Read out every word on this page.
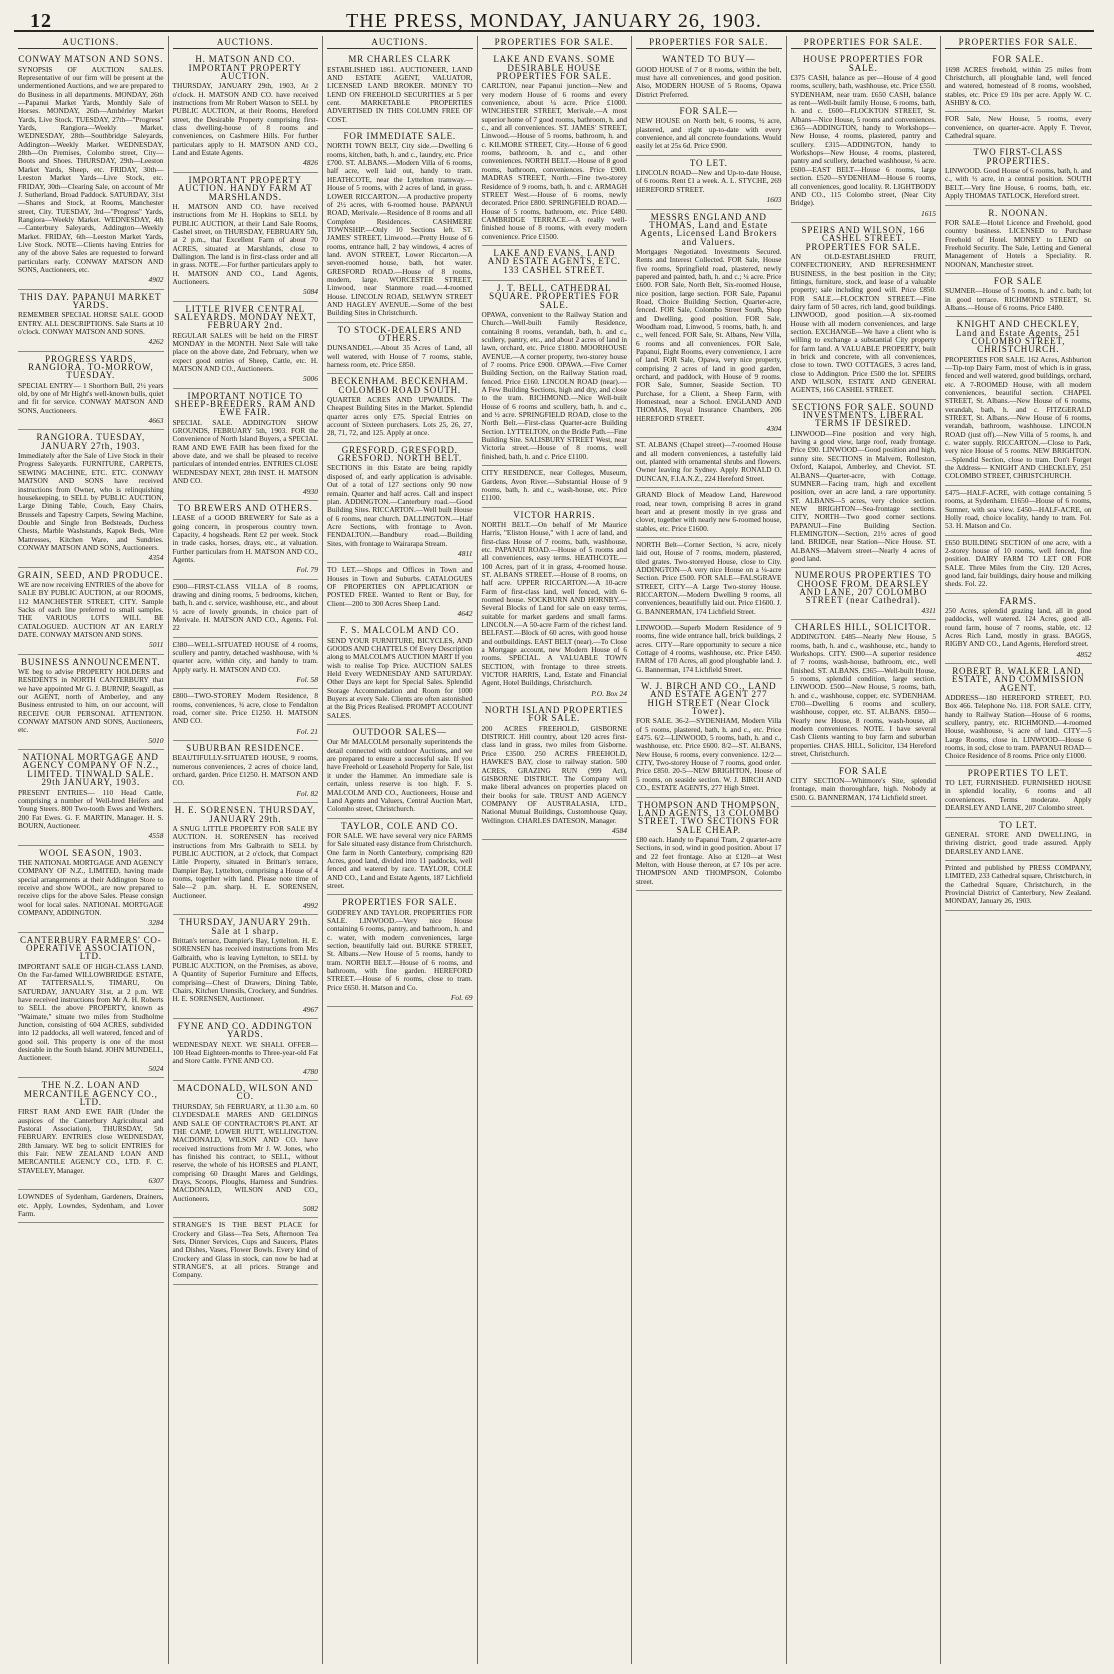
12	THE PRESS, MONDAY, JANUARY 26, 1903.
AUCTIONS.
CONWAY MATSON AND SONS.
SYNOPSIS OF AUCTION SALES. Representative of our firm will be present at the undermentioned Auctions, and we are prepared to do Business in all departments. MONDAY, 26th—Papanui Market Yards, Monthly Sale of Horses. MONDAY, 26th—Ambérley Market Yards, Live Stock. TUESDAY, 27th—"Progress" Yards, Rangiora—Weekly Market. WEDNESDAY, 28th—Southbridge Saleyards, Addington—Weekly Market. WEDNESDAY, 28th—On Premises, Colombo street, City—Boots and Shoes. THURSDAY, 29th—Leeston Market Yards, Sheep, etc. FRIDAY, 30th—Leeston Market Yards—Live Stock, etc. FRIDAY, 30th—Clearing Sale, on account of Mr J. Sutherland, Broad Paddock. SATURDAY, 31st—Shares and Stock, at Rooms, Manchester street, City. TUESDAY, 3rd—"Progress" Yards, Rangiora—Weekly Market. WEDNESDAY, 4th—Canterbury Saleyards, Addington—Weekly Market. FRIDAY, 6th—Leeston Market Yards, Live Stock. NOTE—Clients having Entries for any of the above Sales are requested to forward particulars early. CONWAY MATSON AND SONS, Auctioneers, etc.
4902
THIS DAY. PAPANUI MARKET YARDS.
REMEMBER SPECIAL HORSE SALE. GOOD ENTRY. ALL DESCRIPTIONS. Sale Starts at 10 o'clock. CONWAY MATSON AND SONS.
4262
PROGRESS YARDS, RANGIORA. TO-MORROW, TUESDAY.
SPECIAL ENTRY— 1 Shorthorn Bull, 2½ years old, by one of Mr Hight's well-known bulls, quiet and fit for service. CONWAY MATSON AND SONS, Auctioneers.
4663
RANGIORA. TUESDAY, JANUARY 27th, 1903.
Immediately after the Sale of Live Stock in their Progress Saleyards. FURNITURE, CARPETS, SEWING MACHINE, ETC. ETC. CONWAY MATSON AND SONS have received instructions from Owner, who is relinquishing housekeeping, to SELL by PUBLIC AUCTION, Large Dining Table, Couch, Easy Chairs, Brussels and Tapestry Carpets, Sewing Machine, Double and Single Iron Bedsteads, Duchess Chests, Marble Washstands, Kapok Beds, Wire Mattresses, Kitchen Ware, and Sundries. CONWAY MATSON AND SONS, Auctioneers.
4354
GRAIN, SEED, AND PRODUCE.
WE are now receiving ENTRIES of the above for SALE BY PUBLIC AUCTION, at our ROOMS, 112 MANCHESTER STREET, CITY. Sample Sacks of each line preferred to small samples. THE VARIOUS LOTS WILL BE CATALOGUED. AUCTION AT AN EARLY DATE. CONWAY MATSON AND SONS.
5011
BUSINESS ANNOUNCEMENT.
WE beg to advise PROPERTY HOLDERS and RESIDENTS in NORTH CANTERBURY that we have appointed Mr G. J. BURNIP, Seagull, as our AGENT, north of Amberley, and any Business entrusted to him, on our account, will RECEIVE OUR PERSONAL ATTENTION. CONWAY MATSON AND SONS, Auctioneers, etc.
5010
NATIONAL MORTGAGE AND AGENCY COMPANY OF N.Z., LIMITED. TINWALD SALE. 29th JANUARY, 1903.
PRESENT ENTRIES— 110 Head Cattle, comprising a number of Well-bred Heifers and Young Steers. 800 Two-tooth Ewes and Wethers. 200 Fat Ewes. G. F. MARTIN, Manager. H. S. BOURN, Auctioneer.
4558
WOOL SEASON, 1903.
THE NATIONAL MORTGAGE AND AGENCY COMPANY OF N.Z., LIMITED, having made special arrangements at their Addington Store to receive and show WOOL, are now prepared to receive clips for the above Sales. Please consign wool for local sales. NATIONAL MORTGAGE COMPANY, ADDINGTON.
3284
CANTERBURY FARMERS' CO-OPERATIVE ASSOCIATION, LTD.
IMPORTANT SALE OF HIGH-CLASS LAND. On the Far-famed WILLOWBRIDGE ESTATE, AT TATTERSALL'S, TIMARU, On SATURDAY, JANUARY 31st, at 2 p.m. WE have received instructions from Mr A. H. Roberts to SELL the above PROPERTY, known as "Waimate," situate two miles from Studholme Junction, consisting of 604 ACRES, subdivided into 12 paddocks, all well watered, fenced and of good soil. This property is one of the most desirable in the South Island. JOHN MUNDELL, Auctioneer.
5024
THE N.Z. LOAN AND MERCANTILE AGENCY CO., LTD.
FIRST RAM AND EWE FAIR (Under the auspices of the Canterbury Agricultural and Pastoral Association), THURSDAY, 5th FEBRUARY. ENTRIES close WEDNESDAY, 28th January. WE beg to solicit ENTRIES for this Fair. NEW ZEALAND LOAN AND MERCANTILE AGENCY CO., LTD. F. C. STAVELEY, Manager.
6307
LOWNDES of Sydenham, Gardeners, Drainers, etc. Apply, Lowndes, Sydenham, and Lover Farm.
AUCTIONS.
H. MATSON AND CO. IMPORTANT PROPERTY AUCTION.
THURSDAY, JANUARY 29th, 1903, At 2 o'clock. H. MATSON AND CO. have received instructions from Mr Robert Watson to SELL by PUBLIC AUCTION, at their Rooms, Hereford street, the Desirable Property comprising first-class dwelling-house of 8 rooms and conveniences, on Cashmere Hills. For further particulars apply to H. MATSON AND CO., Land and Estate Agents.
4826
IMPORTANT PROPERTY AUCTION. HANDY FARM AT MARSHLANDS.
H. MATSON AND CO. have received instructions from Mr H. Hopkins to SELL by PUBLIC AUCTION, at their Land Sale Rooms, Cashel street, on THURSDAY, FEBRUARY 5th, at 2 p.m., that Excellent Farm of about 70 ACRES, situated at Marshlands, close to Dallington. The land is in first-class order and all in grass. NOTE.—For further particulars apply to H. MATSON AND CO., Land Agents, Auctioneers.
5084
LITTLE RIVER CENTRAL SALEYARDS. MONDAY NEXT, FEBRUARY 2nd.
REGULAR SALES will be held on the FIRST MONDAY in the MONTH. Next Sale will take place on the above date, 2nd February, when we expect good entries of Sheep, Cattle, etc. H. MATSON AND CO., Auctioneers.
5006
IMPORTANT NOTICE TO SHEEP-BREEDERS. RAM AND EWE FAIR.
SPECIAL SALE. ADDINGTON SHOW GROUNDS, FEBRUARY 5th, 1903. FOR the Convenience of North Island Buyers, a SPECIAL RAM AND EWE FAIR has been fixed for the above date, and we shall be pleased to receive particulars of intended entries. ENTRIES CLOSE WEDNESDAY NEXT, 28th INST. H. MATSON AND CO.
4930
TO BREWERS AND OTHERS.
LEASE of a GOOD BREWERY for Sale as a going concern, in prosperous country town. Capacity, 4 hogsheads. Rent £2 per week. Stock in trade casks, horses, drays, etc., at valuation. Further particulars from H. MATSON AND CO., Agents.
Fol. 79
£900—FIRST-CLASS VILLA of 8 rooms, drawing and dining rooms, 5 bedrooms, kitchen, bath, h. and c. service, washhouse, etc., and about ½ acre of lovely grounds, in choice part of Merivale. H. MATSON AND CO., Agents. Fol. 22
£380—WELL-SITUATED HOUSE of 4 rooms, scullery and pantry, detached washhouse, with ¼ quarter acre, within city, and handy to tram. Apply early. H. MATSON AND CO.
Fol. 58
£800—TWO-STOREY Modern Residence, 8 rooms, conveniences, ¾ acre, close to Fendalton road, corner site. Price £1250. H. MATSON AND CO.
Fol. 21
SUBURBAN RESIDENCE.
BEAUTIFULLY-SITUATED HOUSE, 9 rooms, numerous conveniences, 2 acres of choice land, orchard, garden. Price £1250. H. MATSON AND CO.
Fol. 82
H. E. SORENSEN. THURSDAY, JANUARY 29th.
A SNUG LITTLE PROPERTY FOR SALE BY AUCTION. H. SORENSEN has received instructions from Mrs Galbraith to SELL by PUBLIC AUCTION, at 2 o'clock, that Compact Little Property, situated in Brittan's terrace, Dampier Bay, Lyttelton, comprising a House of 4 rooms, together with land. Please note time of Sale—2 p.m. sharp. H. E. SORENSEN, Auctioneer.
4992
THURSDAY, JANUARY 29th. Sale at 1 sharp.
Brittan's terrace, Dampier's Bay, Lyttelton. H. E. SORENSEN has received instructions from Mrs Galbraith, who is leaving Lyttelton, to SELL by PUBLIC AUCTION, on the Premises, as above, A Quantity of Superior Furniture and Effects, comprising—Chest of Drawers, Dining Table, Chairs, Kitchen Utensils, Crockery, and Sundries. H. E. SORENSEN, Auctioneer.
4967
FYNE AND CO. ADDINGTON YARDS.
WEDNESDAY NEXT. WE SHALL OFFER— 100 Head Eighteen-months to Three-year-old Fat and Store Cattle. FYNE AND CO.
4780
MACDONALD, WILSON AND CO.
THURSDAY, 5th FEBRUARY, at 11.30 a.m. 60 CLYDESDALE MARES AND GELDINGS AND SALE OF CONTRACTOR'S PLANT. AT THE CAMP, LOWER HUTT, WELLINGTON. MACDONALD, WILSON AND CO. have received instructions from Mr J. W. Jones, who has finished his contract, to SELL, without reserve, the whole of his HORSES and PLANT, comprising 60 Draught Mares and Geldings, Drays, Scoops, Ploughs, Harness and Sundries. MACDONALD, WILSON AND CO., Auctioneers.
5082
STRANGE'S IS THE BEST PLACE for Crockery and Glass—Tea Sets, Afternoon Tea Sets, Dinner Services, Cups and Saucers, Plates and Dishes, Vases, Flower Bowls. Every kind of Crockery and Glass in stock, can now be had at STRANGE'S, at all prices. Strange and Company.
AUCTIONS.
MR CHARLES CLARK
ESTABLISHED 1861. AUCTIONEER, LAND AND ESTATE AGENT, VALUATOR, LICENSED LAND BROKER. MONEY TO LEND ON FREEHOLD SECURITIES at 5 per cent. MARKETABLE PROPERTIES ADVERTISED IN THIS COLUMN FREE OF COST.
FOR IMMEDIATE SALE.
NORTH TOWN BELT, City side.—Dwelling 6 rooms, kitchen, bath, h. and c., laundry, etc. Price £700. ST. ALBANS.—Modern Villa of 6 rooms, half acre, well laid out, handy to tram. HEATHCOTE, near the Lyttelton tramway.—House of 5 rooms, with 2 acres of land, in grass. LOWER RICCARTON.—A productive property of 2½ acres, with 6-roomed house. PAPANUI ROAD, Merivale.—Residence of 8 rooms and all Complete Residences. CASHMERE TOWNSHIP.—Only 10 Sections left. ST. JAMES' STREET, Linwood.—Pretty House of 6 rooms, entrance hall, 2 bay windows, 4 acres of land. AVON STREET, Lower Riccarton.—A seven-roomed house, bath, hot water. GRESFORD ROAD.—House of 8 rooms, modern, large. WORCESTER STREET, Linwood, near Stanmore road.—4-roomed House. LINCOLN ROAD, SELWYN STREET AND HAGLEY AVENUE.—Some of the best Building Sites in Christchurch.
TO STOCK-DEALERS AND OTHERS.
DUNSANDEL.—About 35 Acres of Land, all well watered, with House of 7 rooms, stable, harness room, etc. Price £850.
BECKENHAM. BECKENHAM. COLOMBO ROAD SOUTH.
QUARTER ACRES AND UPWARDS. The Cheapest Building Sites in the Market. Splendid quarter acres only £75. Special Entries on account of Sixteen purchasers. Lots 25, 26, 27, 28, 71, 72, and 125. Apply at once.
GRESFORD. GRESFORD. GRESFORD. NORTH BELT.
SECTIONS in this Estate are being rapidly disposed of, and early application is advisable. Out of a total of 127 sections only 90 now remain. Quarter and half acres. Call and inspect plan. ADDINGTON.—Canterbury road.—Good Building Sites. RICCARTON.—Well built House of 6 rooms, near church. DALLINGTON.—Half Acre Sections, with frontage to Avon. FENDALTON.—Bandbury road.—Building Sites, with frontage to Wairarapa Stream.
4811
TO LET.—Shops and Offices in Town and Houses in Town and Suburbs. CATALOGUES OF PROPERTIES ON APPLICATION or POSTED FREE. Wanted to Rent or Buy, for Client—200 to 300 Acres Sheep Land.
4642
F. S. MALCOLM AND CO.
SEND YOUR FURNITURE, BICYCLES, AND GOODS AND CHATTELS Of Every Description along to MALCOLM'S AUCTION MART If you wish to realise Top Price. AUCTION SALES Held Every WEDNESDAY AND SATURDAY. Other Days are kept for Special Sales. Splendid Storage Accommodation and Room for 1000 Buyers at every Sale. Clients are often astonished at the Big Prices Realised. PROMPT ACCOUNT SALES.
OUTDOOR SALES—
Our Mr MALCOLM personally superintends the detail connected with outdoor Auctions, and we are prepared to ensure a successful sale. If you have Freehold or Leasehold Property for Sale, list it under the Hammer. An immediate sale is certain, unless reserve is too high. F. S. MALCOLM AND CO., Auctioneers, House and Land Agents and Valuers, Central Auction Mart, Colombo street, Christchurch.
TAYLOR, COLE AND CO.
FOR SALE. WE have several very nice FARMS for Sale situated easy distance from Christchurch. One farm in North Canterbury, comprising 820 Acres, good land, divided into 11 paddocks, well fenced and watered by race. TAYLOR, COLE AND CO., Land and Estate Agents, 187 Lichfield street.
PROPERTIES FOR SALE.
GODFREY AND TAYLOR. PROPERTIES FOR SALE. LINWOOD.—Very nice House containing 6 rooms, pantry, and bathroom, h. and c. water, with modern conveniences, large section, beautifully laid out. BURKE STREET, St. Albans.—New House of 5 rooms, handy to tram. NORTH BELT.—House of 6 rooms, and bathroom, with fine garden. HEREFORD STREET.—House of 6 rooms, close to tram. Price £650. H. Matson and Co.
Fol. 69
PROPERTIES FOR SALE.
LAKE AND EVANS. SOME DESIRABLE HOUSE PROPERTIES FOR SALE.
CARLTON, near Papanui junction—New and very modern House of 6 rooms and every convenience, about ¼ acre. Price £1000. WINCHESTER STREET, Merivale.—A most superior home of 7 good rooms, bathroom, h. and c., and all conveniences. ST. JAMES' STREET, Linwood.—House of 5 rooms, bathroom, h. and c. KILMORE STREET, City.—House of 6 good rooms, bathroom, h. and c., and other conveniences. NORTH BELT.—House of 8 good rooms, bathroom, conveniences. Price £900. MADRAS STREET, North.—Fine two-storey Residence of 9 rooms, bath, h. and c. ARMAGH STREET West.—House of 6 rooms, newly decorated. Price £800. SPRINGFIELD ROAD.—House of 5 rooms, bathroom, etc. Price £480. CAMBRIDGE TERRACE.—A really well-finished house of 8 rooms, with every modern convenience. Price £1500.
LAKE AND EVANS, LAND AND ESTATE AGENTS, ETC. 133 CASHEL STREET.
J. T. BELL, CATHEDRAL SQUARE. PROPERTIES FOR SALE.
OPAWA, convenient to the Railway Station and Church.—Well-built Family Residence, containing 8 rooms, verandah, bath, h. and c., scullery, pantry, etc., and about 2 acres of land in lawn, orchard, etc. Price £1800. MOORHOUSE AVENUE.—A corner property, two-storey house of 7 rooms. Price £900. OPAWA.—Five Corner Building Section, on the Railway Station road, fenced. Price £160. LINCOLN ROAD (near).—A Few Building Sections, high and dry, and close to the tram. RICHMOND.—Nice Well-built House of 6 rooms and scullery, bath, h. and c., and ½ acre. SPRINGFIELD ROAD, close to the North Belt.—First-class Quarter-acre Building Section. LYTTELTON, on the Bridle Path.—Fine Building Site. SALISBURY STREET West, near Victoria street.—House of 8 rooms, well finished, bath, h. and c. Price £1100.
CITY RESIDENCE, near Colleges, Museum, Gardens, Avon River.—Substantial House of 9 rooms, bath, h. and c., wash-house, etc. Price £1100.
VICTOR HARRIS.
NORTH BELT.—On behalf of Mr Maurice Harris, "Eliston House," with 1 acre of land, and first-class House of 7 rooms, bath, washhouse, etc. PAPANUI ROAD.—House of 5 rooms and all conveniences, easy terms. HEATHCOTE.—100 Acres, part of it in grass, 4-roomed house. ST. ALBANS STREET.—House of 8 rooms, on half acre. UPPER RICCARTON.—A 10-acre Farm of first-class land, well fenced, with 6-roomed house. SOCKBURN AND HORNBY.—Several Blocks of Land for sale on easy terms, suitable for market gardens and small farms. LINCOLN.—A 50-acre Farm of the richest land. BELFAST.—Block of 60 acres, with good house and outbuildings. EAST BELT (near).—To Close a Mortgage account, new Modern House of 6 rooms. SPECIAL. A VALUABLE TOWN SECTION, with frontage to three streets. VICTOR HARRIS, Land, Estate and Financial Agent, Hotel Buildings, Christchurch.
P.O. Box 24
NORTH ISLAND PROPERTIES FOR SALE.
200 ACRES FREEHOLD, GISBORNE DISTRICT. Hill country, about 120 acres first-class land in grass, two miles from Gisborne. Price £3500. 250 ACRES FREEHOLD, HAWKE'S BAY, close to railway station. 500 ACRES, GRAZING RUN (999 Act), GISBORNE DISTRICT. The Company will make liberal advances on properties placed on their books for sale. TRUST AND AGENCY COMPANY OF AUSTRALASIA, LTD., National Mutual Buildings, Customhouse Quay, Wellington. CHARLES DATESON, Manager.
4584
PROPERTIES FOR SALE.
WANTED TO BUY—
GOOD HOUSE of 7 or 8 rooms, within the belt, must have all conveniences, and good position. Also, MODERN HOUSE of 5 Rooms, Opawa District Preferred.
FOR SALE—
NEW HOUSE on North belt, 6 rooms, ½ acre, plastered, and right up-to-date with every convenience, and all concrete foundations. Would easily let at 25s 6d. Price £900.
TO LET.
LINCOLN ROAD—New and Up-to-date House, of 6 rooms. Rent £1 a week. A. L. STYCHE, 269 HEREFORD STREET.
1603
MESSRS ENGLAND AND THOMAS, Land and Estate Agents, Licensed Land Brokers and Valuers.
Mortgages Negotiated. Investments Secured. Rents and Interest Collected. FOR Sale, House five rooms, Springfield road, plastered, newly papered and painted, bath, h. and c.; ¼ acre. Price £600. FOR Sale, North Belt, Six-roomed House, nice position, large section. FOR Sale, Papanui Road, Choice Building Section, Quarter-acre, fenced. FOR Sale, Colombo Street South, Shop and Dwelling, good position. FOR Sale, Woodham road, Linwood, 5 rooms, bath, h. and c., well fenced. FOR Sale, St. Albans, New Villa, 6 rooms and all conveniences. FOR Sale, Papanui, Eight Rooms, every convenience, 1 acre of land. FOR Sale, Opawa, very nice property, comprising 2 acres of land in good garden, orchard, and paddock, with House of 9 rooms. FOR Sale, Sumner, Seaside Section. TO Purchase, for a Client, a Sheep Farm, with Homestead, near a School. ENGLAND AND THOMAS, Royal Insurance Chambers, 206 HEREFORD STREET.
4304
ST. ALBANS (Chapel street)—7-roomed House and all modern conveniences, a tastefully laid out, planted with ornamental shrubs and flowers. Owner leaving for Sydney. Apply RONALD O. DUNCAN, F.I.A.N.Z., 224 Hereford Street.
GRAND Block of Meadow Land, Harewood road, near town, comprising 8 acres in grand heart and at present mostly in rye grass and clover, together with nearly new 6-roomed house, stables, etc. Price £1600.
NORTH Belt—Corner Section, ¼ acre, nicely laid out, House of 7 rooms, modern, plastered, tiled grates. Two-storeyed House, close to City. ADDINGTON—A very nice House on a ¼-acre Section. Price £500. FOR SALE—FALSGRAVE STREET, CITY—A Large Two-storey House. RICCARTON.—Modern Dwelling 9 rooms, all conveniences, beautifully laid out. Price £1600. J. G. BANNERMAN, 174 Lichfield Street.
LINWOOD.—Superb Modern Residence of 9 rooms, fine wide entrance hall, brick buildings, 2 acres. CITY—Rare opportunity to secure a nice Cottage of 4 rooms, washhouse, etc. Price £450. FARM of 170 Acres, all good ploughable land. J. G. Bannerman, 174 Lichfield Street.
W. J. BIRCH AND CO., LAND AND ESTATE AGENT 277 HIGH STREET (Near Clock Tower).
FOR SALE. 36-2—SYDENHAM, Modern Villa of 5 rooms, plastered, bath, h. and c., etc. Price £475. 6/2—LINWOOD, 5 rooms, bath, h. and c., washhouse, etc. Price £600. 8/2—ST. ALBANS, New House, 6 rooms, every convenience. 12/2—CITY, Two-storey House of 7 rooms, good order. Price £850. 20-5—NEW BRIGHTON, House of 5 rooms, on seaside section. W. J. BIRCH AND CO., ESTATE AGENTS, 277 High Street.
THOMPSON AND THOMPSON, LAND AGENTS, 13 COLOMBO STREET. TWO SECTIONS FOR SALE CHEAP.
£80 each. Handy to Papanui Tram, 2 quarter-acre Sections, in sod, wind in good position. About 17 and 22 feet frontage. Also at £120—at West Melton, with House thereon, at £7 10s per acre. THOMPSON AND THOMPSON, Colombo street.
PROPERTIES FOR SALE.
HOUSE PROPERTIES FOR SALE.
£375 CASH, balance as per—House of 4 good rooms, scullery, bath, washhouse, etc. Price £550. SYDENHAM, near tram. £650 CASH, balance as rent—Well-built family House, 6 rooms, bath, h. and c. £600—FLOCKTON STREET, St. Albans—Nice House, 5 rooms and conveniences. £365—ADDINGTON, handy to Workshops—New House, 4 rooms, plastered, pantry and scullery. £315—ADDINGTON, handy to Workshops—New House, 4 rooms, plastered, pantry and scullery, detached washhouse, ¼ acre. £600—EAST BELT—House 6 rooms, large section. £520—SYDENHAM—House 6 rooms, all conveniences, good locality. R. LIGHTBODY AND CO., 115 Colombo street, (Near City Bridge).
1615
SPEIRS AND WILSON, 166 CASHEL STREET. PROPERTIES FOR SALE.
AN OLD-ESTABLISHED FRUIT, CONFECTIONERY, AND REFRESHMENT BUSINESS, in the best position in the City; fittings, furniture, stock, and lease of a valuable property; sale including good will. Price £850. FOR SALE.—FLOCKTON STREET.—Fine dairy farm of 50 acres, rich land, good buildings. LINWOOD, good position.—A six-roomed House with all modern conveniences, and large section. EXCHANGE—We have a client who is willing to exchange a substantial City property for farm land. A VALUABLE PROPERTY, built in brick and concrete, with all conveniences, close to town. TWO COTTAGES, 3 acres land, close to Addington. Price £500 the lot. SPEIRS AND WILSON, ESTATE AND GENERAL AGENTS, 166 CASHEL STREET.
SECTIONS FOR SALE. SOUND INVESTMENTS. LIBERAL TERMS IF DESIRED.
LINWOOD—Fine position and very high, having a good view, large roof, ready frontage. Price £90. LINWOOD—Good position and high, sunny site. SECTIONS in Malvern, Rolleston, Oxford, Kaiapoi, Amberley, and Cheviot. ST. ALBANS—Quarter-acre, with Cottage. SUMNER—Facing tram, high and excellent position, over an acre land, a rare opportunity. ST. ALBANS—5 acres, very choice section. NEW BRIGHTON—Sea-frontage sections. CITY, NORTH—Two good corner sections. PAPANUI—Fine Building Section. FLEMINGTON—Section, 21½ acres of good land. BRIDGE, near Station—Nice House. ST. ALBANS—Malvern street—Nearly 4 acres of good land.
NUMEROUS PROPERTIES TO CHOOSE FROM. DEARSLEY AND LANE, 207 COLOMBO STREET (near Cathedral).
4311
CHARLES HILL, SOLICITOR.
ADDINGTON. £485—Nearly New House, 5 rooms, bath, h. and c., washhouse, etc., handy to Workshops. CITY. £900—A superior residence of 7 rooms, wash-house, bathroom, etc., well finished. ST. ALBANS. £365—Well-built House, 5 rooms, splendid condition, large section. LINWOOD. £500—New House, 5 rooms, bath, h. and c., washhouse, copper, etc. SYDENHAM. £700—Dwelling 6 rooms and scullery, washhouse, copper, etc. ST. ALBANS. £850—Nearly new House, 8 rooms, wash-house, all modern conveniences. NOTE. I have several Cash Clients wanting to buy farm and suburban properties. CHAS. HILL, Solicitor, 134 Hereford street, Christchurch.
FOR SALE
CITY SECTION—Whitmore's Site, splendid frontage, main thoroughfare, high. Nobody at £500. G. BANNERMAN, 174 Lichfield street.
PROPERTIES FOR SALE.
FOR SALE.
1698 ACRES freehold, within 25 miles from Christchurch, all ploughable land, well fenced and watered, homestead of 8 rooms, woolshed, stables, etc. Price £9 10s per acre. Apply W. C. ASHBY & CO.
FOR Sale, New House, 5 rooms, every convenience, on quarter-acre. Apply F. Trevor, Cathedral square.
TWO FIRST-CLASS PROPERTIES.
LINWOOD. Good House of 6 rooms, bath, h. and c., with ½ acre, in a central position. SOUTH BELT.—Very fine House, 6 rooms, bath, etc. Apply THOMAS TATLOCK, Hereford street.
R. NOONAN.
FOR SALE—Hotel Licence and Freehold, good country business. LICENSED to Purchase Freehold of Hotel. MONEY to LEND on Freehold Security. The Sale, Letting and General Management of Hotels a Speciality. R. NOONAN, Manchester street.
FOR SALE
SUMNER—House of 5 rooms, h. and c. bath; lot in good terrace. RICHMOND STREET, St. Albans.—House of 6 rooms. Price £480.
KNIGHT AND CHECKLEY, Land and Estate Agents, 251 COLOMBO STREET, CHRISTCHURCH.
PROPERTIES FOR SALE. 162 Acres, Ashburton—Tip-top Dairy Farm, most of which is in grass, fenced and well watered, good buildings, orchard, etc. A 7-ROOMED House, with all modern conveniences, beautiful section. CHAPEL STREET, St. Albans.—New House of 6 rooms, verandah, bath, h. and c. FITZGERALD STREET, St. Albans.—New House of 6 rooms, verandah, bathroom, washhouse. LINCOLN ROAD (just off).—New Villa of 5 rooms, h. and c. water supply. RICCARTON.—Close to Park, very nice House of 5 rooms. NEW BRIGHTON.—Splendid Section, close to tram. Don't Forget the Address— KNIGHT AND CHECKLEY, 251 COLOMBO STREET, CHRISTCHURCH.
£475—HALF-ACRE, with cottage containing 5 rooms, at Sydenham. £1650—House of 6 rooms, Sumner, with sea view. £450—HALF-ACRE, on Holly road, choice locality, handy to tram. Fol. 53. H. Matson and Co.
£650 BUILDING SECTION of one acre, with a 2-storey house of 10 rooms, well fenced, fine position. DAIRY FARM TO LET OR FOR SALE. Three Miles from the City. 120 Acres, good land, fair buildings, dairy house and milking sheds. Fol. 22.
FARMS.
250 Acres, splendid grazing land, all in good paddocks, well watered. 124 Acres, good all-round farm, house of 7 rooms, stable, etc. 12 Acres Rich Land, mostly in grass. BAGGS, RIGBY AND CO., Land Agents, Hereford street.
4852
ROBERT B. WALKER LAND, ESTATE, AND COMMISSION AGENT.
ADDRESS—180 HEREFORD STREET, P.O. Box 466. Telephone No. 118. FOR SALE. CITY, handy to Railway Station—House of 6 rooms, scullery, pantry, etc. RICHMOND.—4-roomed House, washhouse, ¼ acre of land. CITY—5 Large Rooms, close in. LINWOOD—House 6 rooms, in sod, close to tram. PAPANUI ROAD—Choice Residence of 8 rooms. Price only £1000.
PROPERTIES TO LET.
TO LET, FURNISHED. FURNISHED HOUSE in splendid locality, 6 rooms and all conveniences. Terms moderate. Apply DEARSLEY AND LANE, 207 Colombo street.
TO LET.
GENERAL STORE AND DWELLING, in thriving district, good trade assured. Apply DEARSLEY AND LANE.
Printed and published by PRESS COMPANY, LIMITED, 233 Cathedral square, Christchurch, in the Cathedral Square, Christchurch, in the Provincial District of Canterbury, New Zealand. MONDAY, January 26, 1903.
